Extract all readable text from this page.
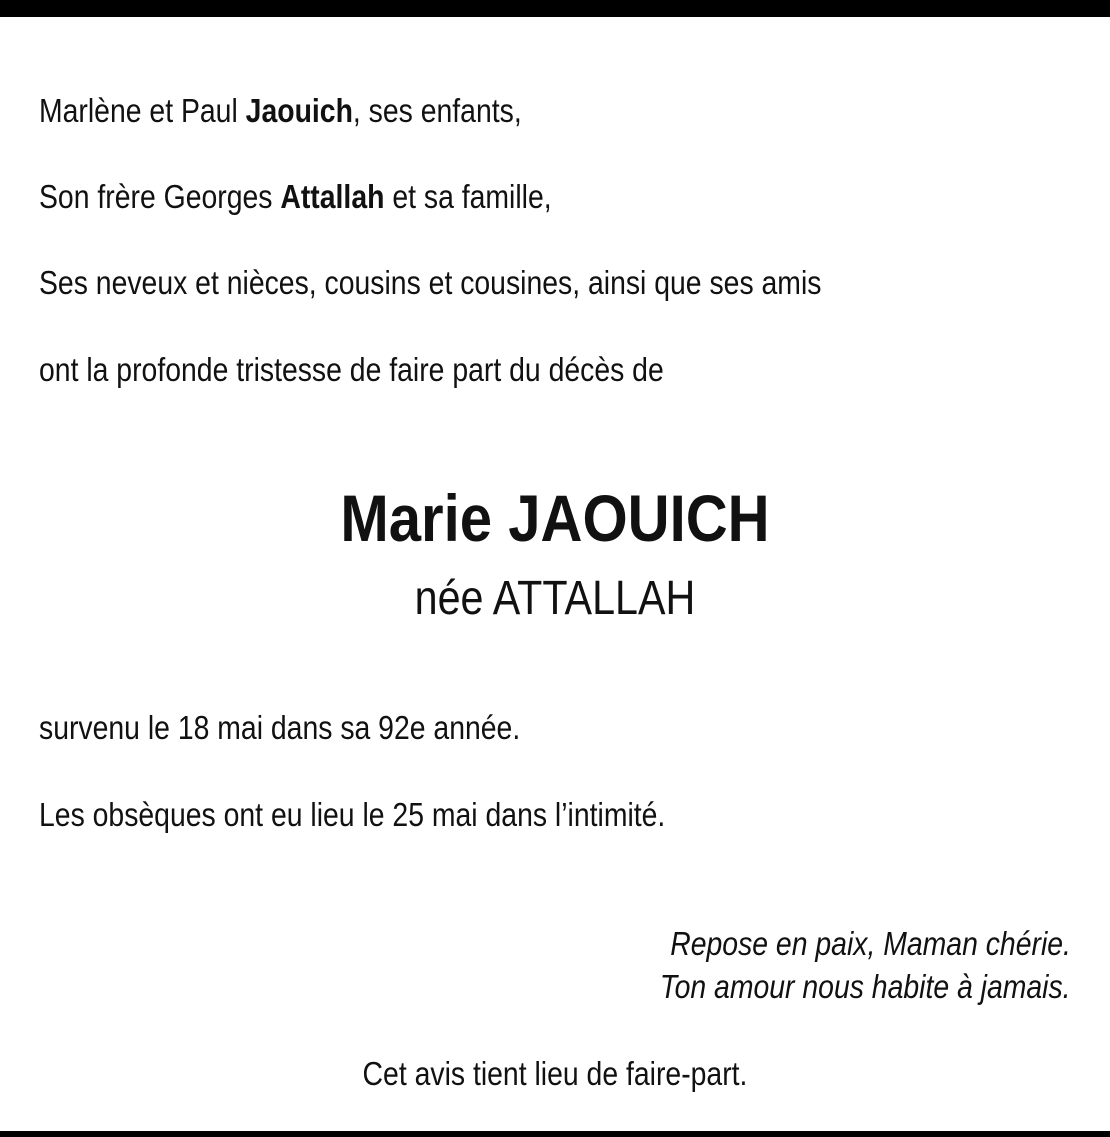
Marlène et Paul Jaouich, ses enfants,

Son frère Georges Attallah et sa famille,

Ses neveux et nièces, cousins et cousines, ainsi que ses amis

ont la profonde tristesse de faire part du décès de

Marie JAOUICH
née ATTALLAH

survenu le 18 mai dans sa 92e année.

Les obsèques ont eu lieu le 25 mai dans l’intimité.

Repose en paix, Maman chérie.
Ton amour nous habite à jamais.
Cet avis tient lieu de faire-part.
